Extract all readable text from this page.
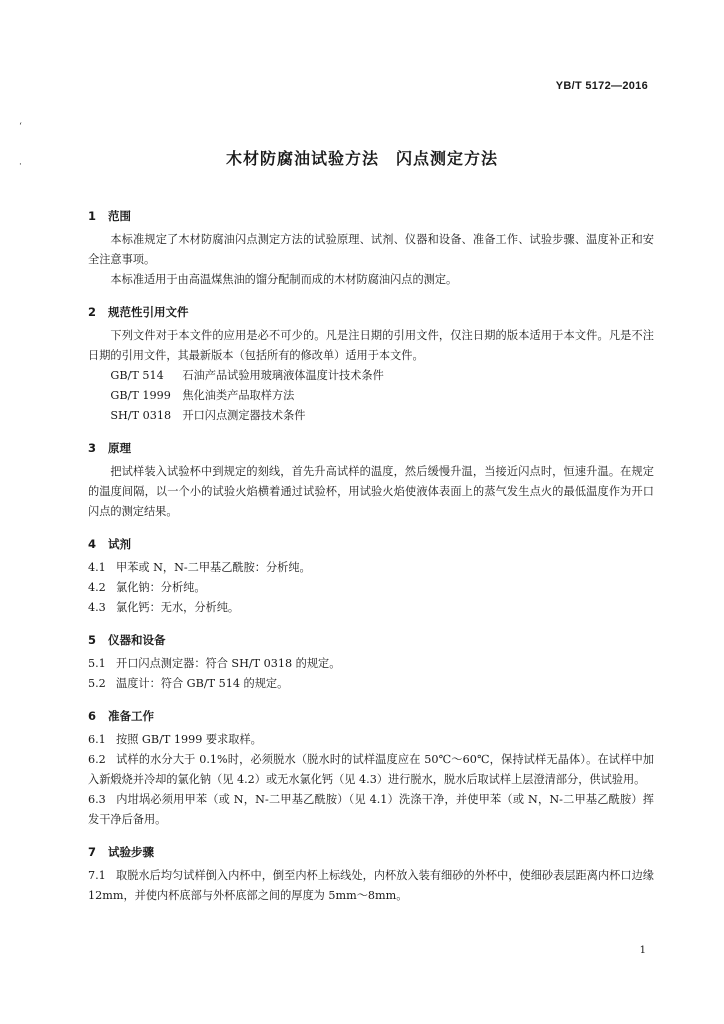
YB/T 5172—2016
‘
·	木材防腐油试验方法　闪点测定方法

1 范围

本标准规定了木材防腐油闪点测定方法的试验原理、试剂、仪器和设备、准备工作、试验步骤、温度补正和安全注意事项。

本标准适用于由高温煤焦油的馏分配制而成的木材防腐油闪点的测定。

2 规范性引用文件

下列文件对于本文件的应用是必不可少的。凡是注日期的引用文件，仅注日期的版本适用于本文件。凡是不注日期的引用文件，其最新版本（包括所有的修改单）适用于本文件。

GB/T 514 石油产品试验用玻璃液体温度计技术条件

GB/T 1999 焦化油类产品取样方法

SH/T 0318 开口闪点测定器技术条件

3 原理

把试样装入试验杯中到规定的刻线，首先升高试样的温度，然后缓慢升温，当接近闪点时，恒速升温。在规定的温度间隔，以一个小的试验火焰横着通过试验杯，用试验火焰使液体表面上的蒸气发生点火的最低温度作为开口闪点的测定结果。

4 试剂

4.1 甲苯或 N，N-二甲基乙酰胺：分析纯。

4.2 氯化钠：分析纯。

4.3 氯化钙：无水，分析纯。

5 仪器和设备

5.1 开口闪点测定器：符合 SH/T 0318 的规定。

5.2 温度计：符合 GB/T 514 的规定。

6 准备工作

6.1 按照 GB/T 1999 要求取样。

6.2 试样的水分大于 0.1%时，必须脱水（脱水时的试样温度应在 50℃～60℃，保持试样无晶体）。在试样中加入新煅烧并冷却的氯化钠（见 4.2）或无水氯化钙（见 4.3）进行脱水，脱水后取试样上层澄清部分，供试验用。

6.3 内坩埚必须用甲苯（或 N，N-二甲基乙酰胺）（见 4.1）洗涤干净，并使甲苯（或 N，N-二甲基乙酰胺）挥发干净后备用。

7 试验步骤

7.1 取脱水后均匀试样倒入内杯中，倒至内杯上标线处，内杯放入装有细砂的外杯中，使细砂表层距离内杯口边缘 12mm，并使内杯底部与外杯底部之间的厚度为 5mm～8mm。

1
